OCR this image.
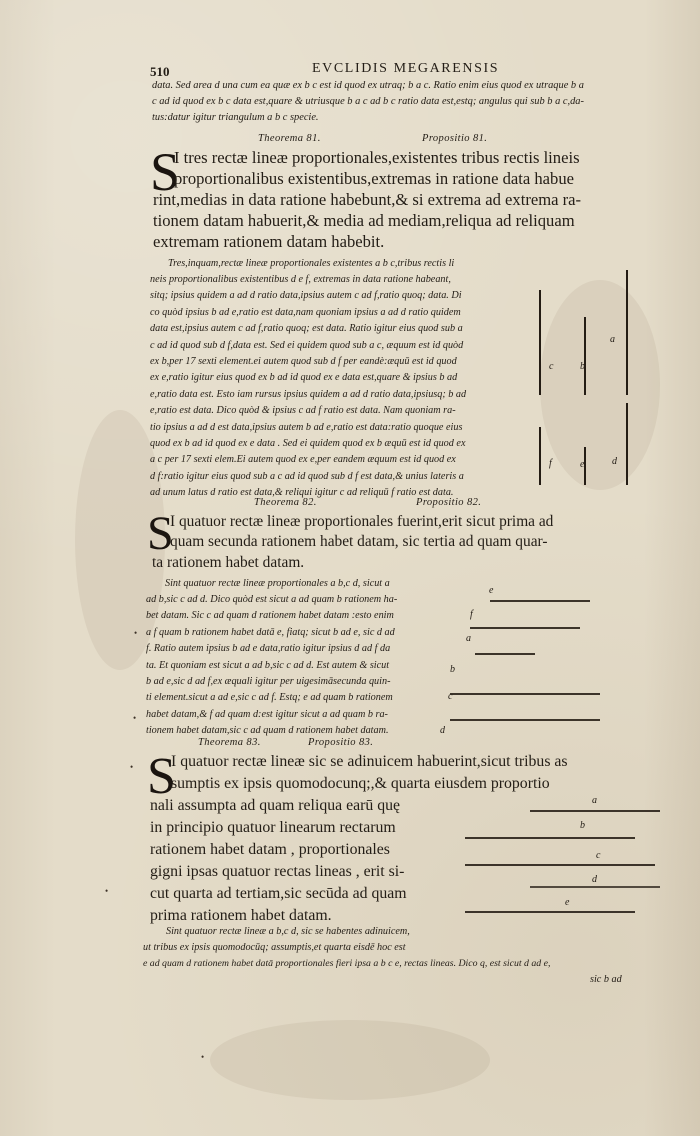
510	EVCLIDIS MEGARENSIS
data. Sed area d una cum ea quæ ex b c est id quod ex utraq; b a c. Ratio enim eius quod ex utraque b a
c ad id quod ex b c data est,quare & utriusque b a c ad b c ratio data est,estq; angulus qui sub b a c,da-
tus:datur igitur triangulum a b c specie.
Theorema 81.	Propositio 81.
S
I tres rectæ lineæ proportionales,existentes tribus rectis lineis
proportionalibus existentibus,extremas in ratione data habue
rint,medias in data ratione habebunt,& si extrema ad extrema ra-
tionem datam habuerit,& media ad mediam,reliqua ad reliquam
extremam rationem datam habebit.
Tres,inquam,rectæ lineæ proportionales existentes a b c,tribus rectis li
neis proportionalibus existentibus d e f, extremas in data ratione habeant,
sitq; ipsius quidem a ad d ratio data,ipsius autem c ad f,ratio quoq; data. Di
co quòd ipsius b ad e,ratio est data,nam quoniam ipsius a ad d ratio quidem
data est,ipsius autem c ad f,ratio quoq; est data. Ratio igitur eius quod sub a
c ad id quod sub d f,data est. Sed ei quidem quod sub a c, æquum est id quòd
ex b,per 17 sexti element.ei autem quod sub d f per eandè:æquū est id quod
ex e,ratio igitur eius quod ex b ad id quod ex e data est,quare & ipsius b ad
e,ratio data est. Esto iam rursus ipsius quidem a ad d ratio data,ipsiusq; b ad
e,ratio est data. Dico quòd & ipsius c ad f ratio est data. Nam quoniam ra-
tio ipsius a ad d est data,ipsius autem b ad e,ratio est data:ratio quoque eius
quod ex b ad id quod ex e data . Sed ei quidem quod ex b æquū est id quod ex
a c per 17 sexti elem.Ei autem quod ex e,per eandem æquum est id quod ex
d f:ratio igitur eius quod sub a c ad id quod sub d f est data,& unius lateris a
ad unum latus d ratio est data,& reliqui igitur c ad reliquū f ratio est data.
c	b
a
f	e	d
Theorema 82.	Propositio 82.
S
I quatuor rectæ lineæ proportionales fuerint,erit sicut prima ad
quam secunda rationem habet datam, sic tertia ad quam quar-
ta rationem habet datam.
Sint quatuor rectæ lineæ proportionales a b,c d, sicut a
ad b,sic c ad d. Dico quòd est sicut a ad quam b rationem ha-
bet datam. Sic c ad quam d rationem habet datam :esto enim
a f quam b rationem habet datā e, fiatq; sicut b ad e, sic d ad
f. Ratio autem ipsius b ad e data,ratio igitur ipsius d ad f da
ta. Et quoniam est sicut a ad b,sic c ad d. Est autem & sicut
b ad e,sic d ad f,ex æquali igitur per uigesimāsecunda quin-
ti element.sicut a ad e,sic c ad f. Estq; e ad quam b rationem
habet datam,& f ad quam d:est igitur sicut a ad quam b ra-
tionem habet datam,sic c ad quam d rationem habet datam.
e
f
a
b
c
d
Theorema 83.	Propositio 83.
S
I quatuor rectæ lineæ sic se adinuicem habuerint,sicut tribus as
sumptis ex ipsis quomodocunq;,& quarta eiusdem proportio
nali assumpta ad quam reliqua earū quę
in principio quatuor linearum rectarum
rationem habet datam , proportionales
gigni ipsas quatuor rectas lineas , erit si-
cut quarta ad tertiam,sic secūda ad quam
prima rationem habet datam.
Sint quatuor rectæ lineæ a b,c d, sic se habentes adinuicem,
ut tribus ex ipsis quomodocūq; assumptis,et quarta eisdē hoc est
e ad quam d rationem habet datā proportionales fieri ipsa a b c e, rectas lineas. Dico q, est sicut d ad e,
sic b ad
a
b
c
d
e
•
•
•
•
•
